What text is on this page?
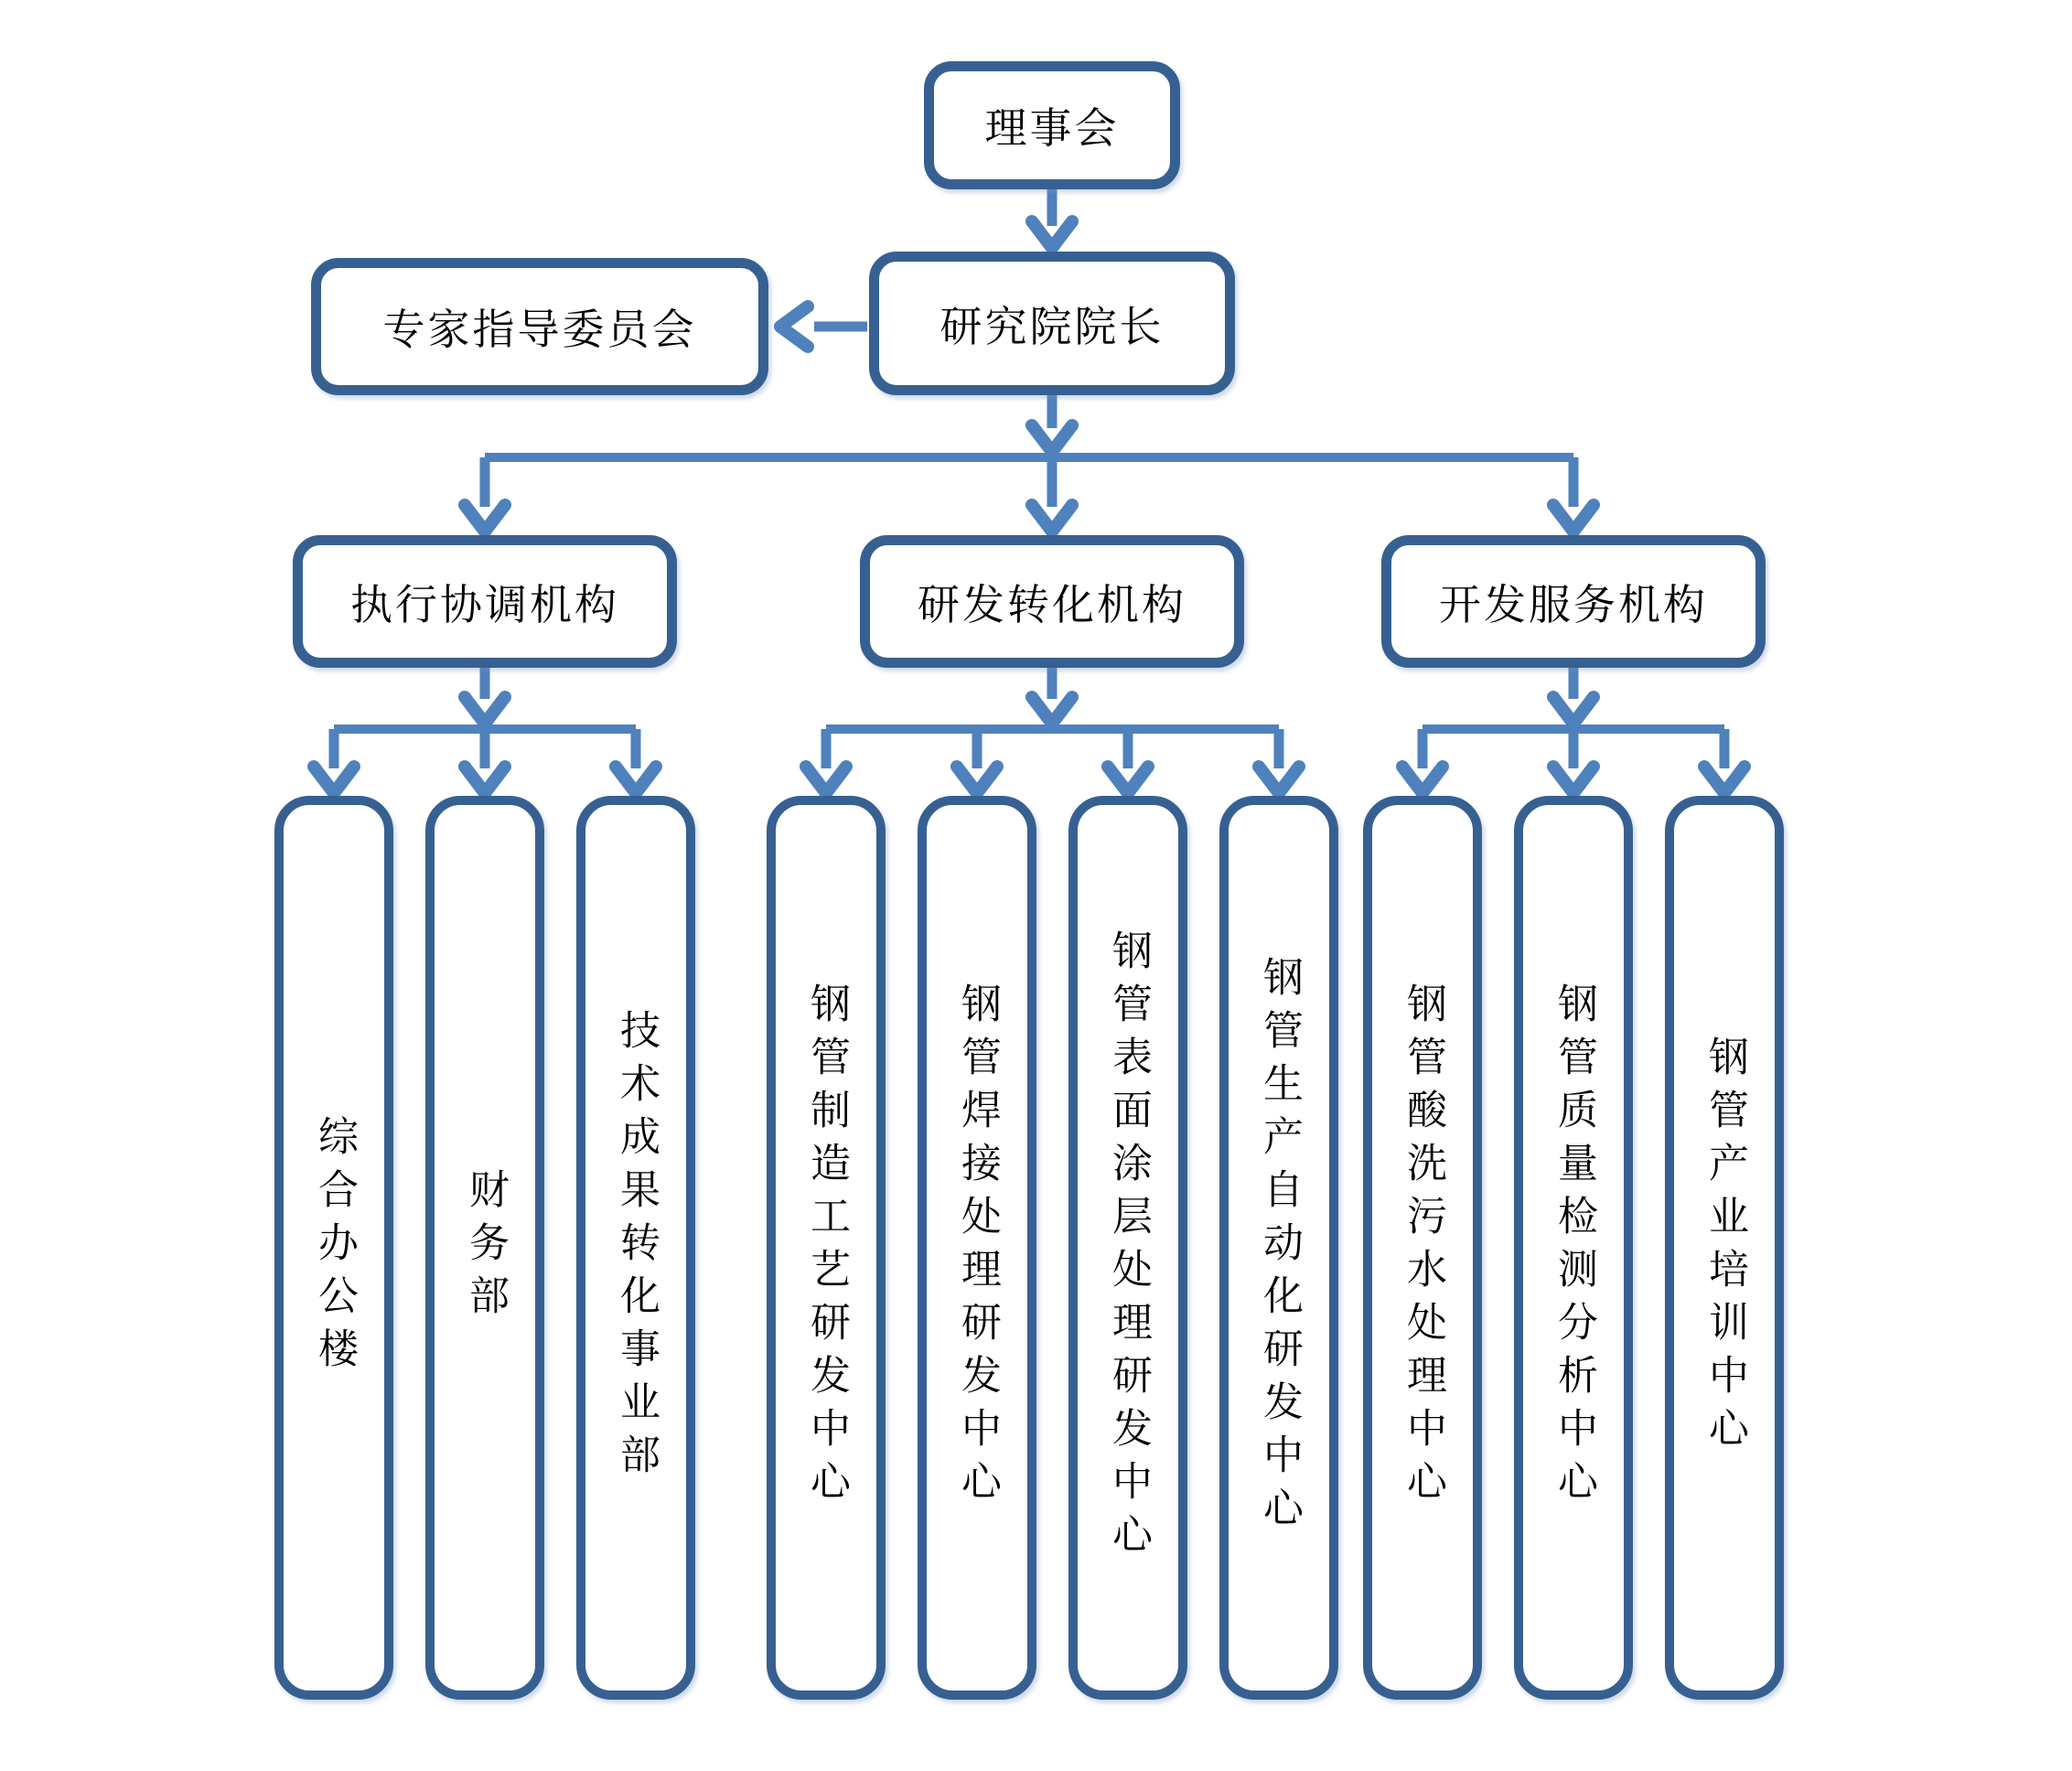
理事会
研究院院长
专家指导委员会
执行协调机构	研发转化机构	开发服务机构
综合办公楼	财务部	技术成果转化事业部	钢管制造工艺研发中心	钢管焊接处理研发中心	钢管表面涂层处理研发中心	钢管生产自动化研发中心 钢管酸洗污水处理中心	钢管质量检测分析中心	钢管产业培训中心
